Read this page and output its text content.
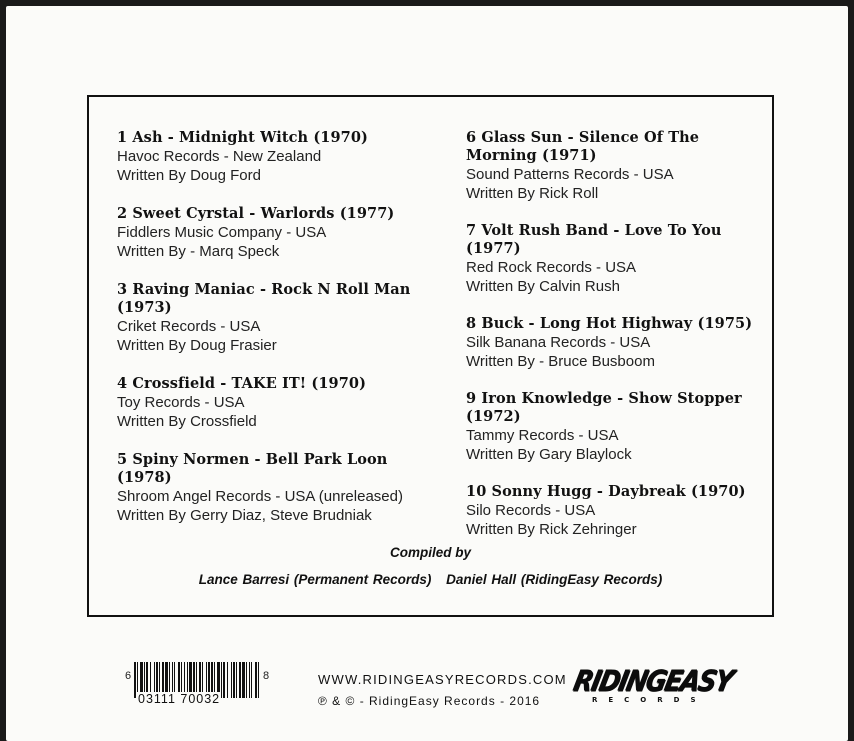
1 Ash - Midnight Witch (1970)
Havoc Records - New Zealand
Written By Doug Ford
2 Sweet Cyrstal - Warlords (1977)
Fiddlers Music Company - USA
Written By - Marq Speck
3 Raving Maniac - Rock N Roll Man (1973)
Criket Records - USA
Written By Doug Frasier
4 Crossfield - TAKE IT! (1970)
Toy Records - USA
Written By Crossfield
5 Spiny Normen - Bell Park Loon (1978)
Shroom Angel Records - USA (unreleased)
Written By Gerry Diaz, Steve Brudniak
6 Glass Sun - Silence Of The Morning (1971)
Sound Patterns Records - USA
Written By Rick Roll
7 Volt Rush Band - Love To You (1977)
Red Rock Records - USA
Written By Calvin Rush
8 Buck - Long Hot Highway (1975)
Silk Banana Records - USA
Written By - Bruce Busboom
9 Iron Knowledge - Show Stopper (1972)
Tammy Records - USA
Written By Gary Blaylock
10 Sonny Hugg - Daybreak (1970)
Silo Records - USA
Written By Rick Zehringer
Compiled by
Lance Barresi (Permanent Records) Daniel Hall (RidingEasy Records)
6
03111 70032
8	WWW.RIDINGEASYRECORDS.COM
℗ & © - RidingEasy Records - 2016
RIDINGEASY
RECORDS
